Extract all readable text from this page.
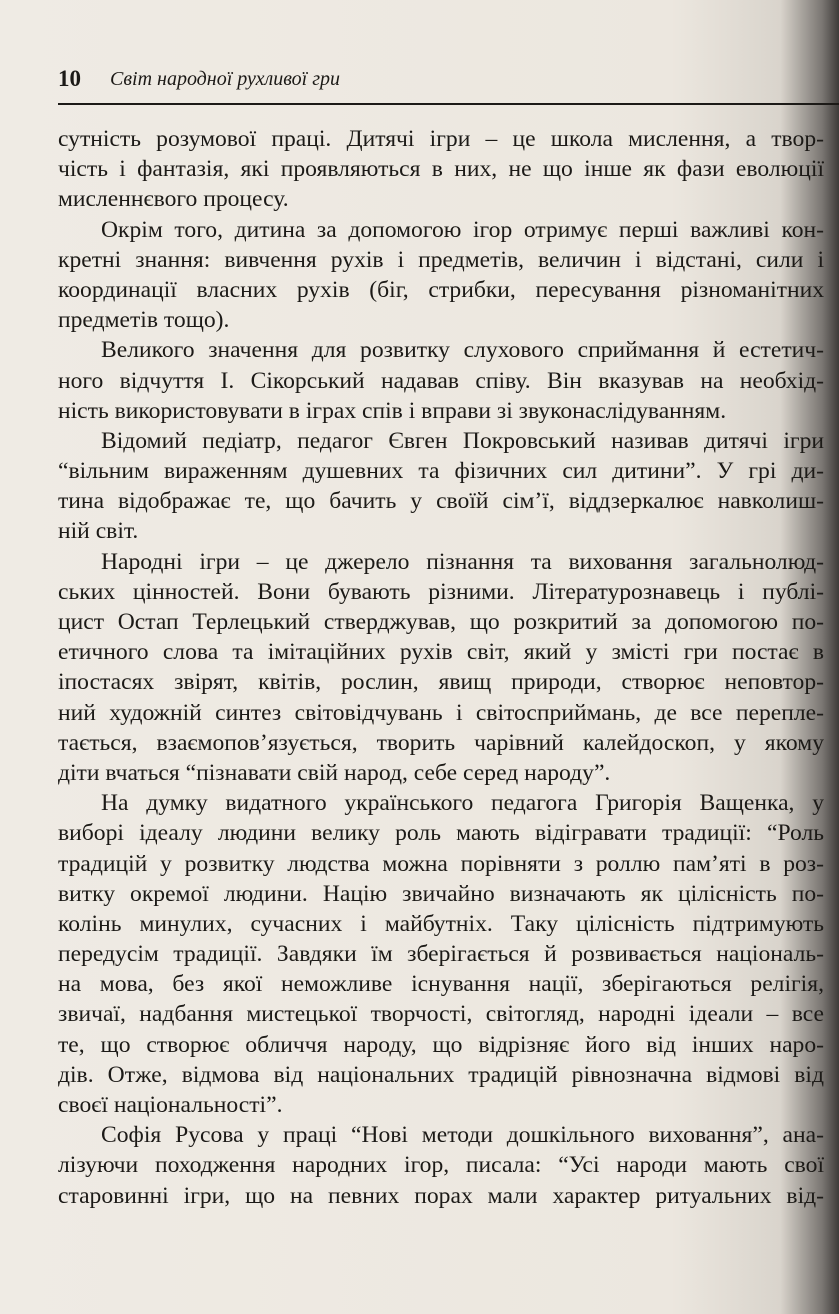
10 Світ народної рухливої гри
сутність розумової праці. Дитячі ігри – це школа мислення, а твор-
чість і фантазія, які проявляються в них, не що інше як фази еволюції
мисленнєвого процесу.
Окрім того, дитина за допомогою ігор отримує перші важливі кон-
кретні знання: вивчення рухів і предметів, величин і відстані, сили і
координації власних рухів (біг, стрибки, пересування різноманітних
предметів тощо).
Великого значення для розвитку слухового сприймання й естетич-
ного відчуття І. Сікорський надавав співу. Він вказував на необхід-
ність використовувати в іграх спів і вправи зі звуконаслідуванням.
Відомий педіатр, педагог Євген Покровський називав дитячі ігри
“вільним вираженням душевних та фізичних сил дитини”. У грі ди-
тина відображає те, що бачить у своїй сім’ї, віддзеркалює навколиш-
ній світ.
Народні ігри – це джерело пізнання та виховання загальнолюд-
ських цінностей. Вони бувають різними. Літературознавець і публі-
цист Остап Терлецький стверджував, що розкритий за допомогою по-
етичного слова та імітаційних рухів світ, який у змісті гри постає в
іпостасях звірят, квітів, рослин, явищ природи, створює неповтор-
ний художній синтез світовідчувань і світосприймань, де все перепле-
тається, взаємопов’язується, творить чарівний калейдоскоп, у якому
діти вчаться “пізнавати свій народ, себе серед народу”.
На думку видатного українського педагога Григорія Ващенка, у
виборі ідеалу людини велику роль мають відігравати традиції: “Роль
традицій у розвитку людства можна порівняти з роллю пам’яті в роз-
витку окремої людини. Націю звичайно визначають як цілісність по-
колінь минулих, сучасних і майбутніх. Таку цілісність підтримують
передусім традиції. Завдяки їм зберігається й розвивається національ-
на мова, без якої неможливе існування нації, зберігаються релігія,
звичаї, надбання мистецької творчості, світогляд, народні ідеали – все
те, що створює обличчя народу, що відрізняє його від інших наро-
дів. Отже, відмова від національних традицій рівнозначна відмові від
своєї національності”.
Софія Русова у праці “Нові методи дошкільного виховання”, ана-
лізуючи походження народних ігор, писала: “Усі народи мають свої
старовинні ігри, що на певних порах мали характер ритуальних від-
